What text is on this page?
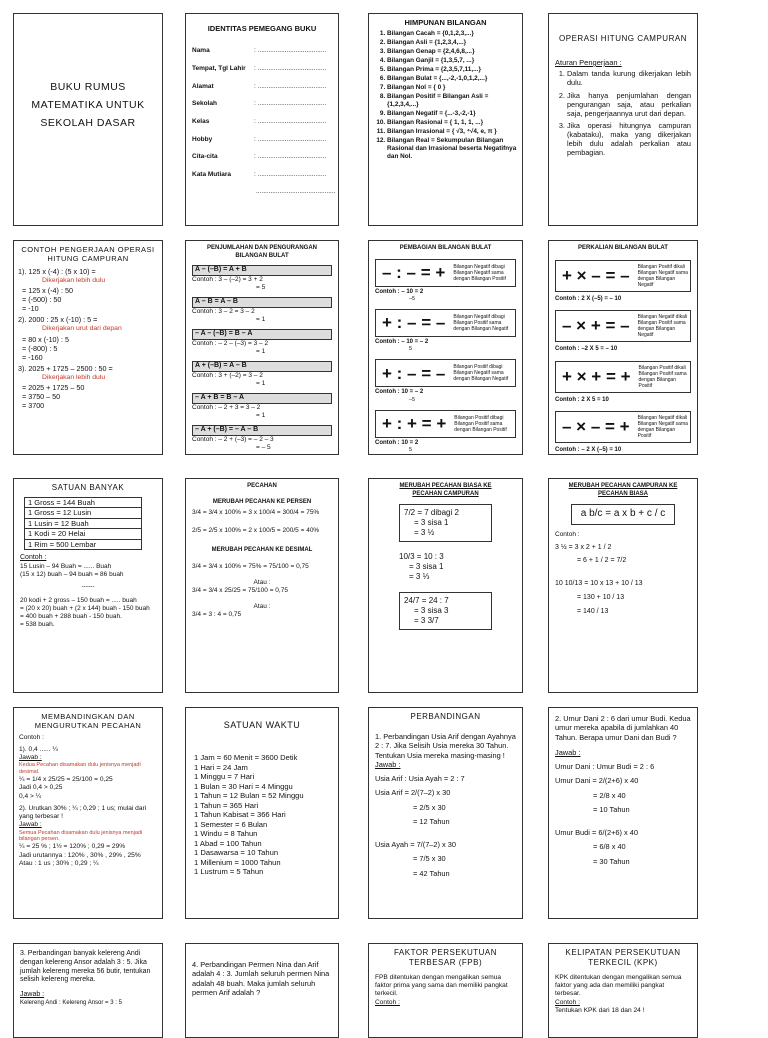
BUKU RUMUS
MATEMATIKA UNTUK
SEKOLAH DASAR
IDENTITAS PEMEGANG BUKU
Nama	: ......................................
Tempat, Tgl Lahir	: ......................................
Alamat	: ......................................
Sekolah	: ......................................
Kelas	: ......................................
Hobby	: ......................................
Cita-cita	: ......................................
Kata Mutiara	: ......................................
............................................
HIMPUNAN BILANGAN
1. Bilangan Cacah = {0,1,2,3,...}
2. Bilangan Asli = {1,2,3,4,...}
3. Bilangan Genap = {2,4,6,8,...}
4. Bilangan Ganjil = {1,3,5,7, ...}
5. Bilangan Prima = {2,3,5,7,11,...}
6. Bilangan Bulat = {...,-2,-1,0,1,2,...}
7. Bilangan Nol = { 0 }
8. Bilangan Positif = Bilangan Asli = {1,2,3,4,...}
9. Bilangan Negatif = {...-3,-2,-1}
10. Bilangan Rasional = { 1, 1, 1, ...}
11. Bilangan Irrasional = { √3, ⁴√4, e, π }
12. Bilangan Real = Sekumpulan Bilangan Rasional dan Irrasional beserta Negatifnya dan Nol.
OPERASI HITUNG CAMPURAN
Aturan Pengerjaan :
1. Dalam tanda kurung dikerjakan lebih dulu.
2. Jika hanya penjumlahan dengan pengurangan saja, atau perkalian saja, pengerjaannya urut dari depan.
3. Jika operasi hitungnya campuran (kabataku), maka yang dikerjakan lebih dulu adalah perkalian atau pembagian.
CONTOH PENGERJAAN OPERASI
HITUNG CAMPURAN
1). 125 x (-4) : (5 x 10) =
Dikerjakan lebih dulu
= 125 x (-4) : 50
= (-500) : 50
= -10
2). 2000 : 25 x (-10) : 5 =
Dikerjakan urut dari depan
= 80 x (-10) : 5
= (-800) : 5
= -160
3). 2025 + 1725 – 2500 : 50 =
Dikerjakan lebih dulu
= 2025 + 1725 – 50
= 3750 – 50
= 3700
PENJUMLAHAN DAN PENGURANGAN
BILANGAN BULAT
A – (–B) = A + B
Contoh : 3 – (–2) = 3 + 2
= 5
A – B = A – B
Contoh : 3 – 2 = 3 – 2
= 1
– A – (–B) = B – A
Contoh : – 2 – (–3) = 3 – 2
= 1
A + (–B) = A – B
Contoh : 3 + (–2) = 3 – 2
= 1
– A + B = B – A
Contoh : – 2 + 3 = 3 – 2
= 1
– A + (–B) = – A – B
Contoh : – 2 + (–3) = – 2 – 3
= – 5
PEMBAGIAN BILANGAN BULAT
– : – = +	Bilangan Negatif dibagi Bilangan Negatif sama dengan Bilangan Positif
Contoh : – 10 = 2
–5
+ : – = –	Bilangan Negatif dibagi Bilangan Positif sama dengan Bilangan Negatif
Contoh : – 10 = – 2
5
+ : – = –	Bilangan Positif dibagi Bilangan Negatif sama dengan Bilangan Negatif
Contoh : 10 = – 2
–5
+ : + = +	Bilangan Positif dibagi Bilangan Positif sama dengan Bilangan Positif
Contoh : 10 = 2
5
PERKALIAN BILANGAN BULAT
+ × – = –	Bilangan Positif dikali Bilangan Negatif sama dengan Bilangan Negatif
Contoh : 2 X (–5) = – 10
– × + = –	Bilangan Negatif dikali Bilangan Positif sama dengan Bilangan Negatif
Contoh : –2 X 5 = – 10
+ × + = +	Bilangan Positif dikali Bilangan Positif sama dengan Bilangan Positif
Contoh : 2 X 5 = 10
– × – = +	Bilangan Negatif dikali Bilangan Negatif sama dengan Bilangan Positif
Contoh : – 2 X (–5) = 10
SATUAN BANYAK
1 Gross = 144 Buah
1 Gross = 12 Lusin
1 Lusin = 12 Buah
1 Kodi = 20 Helai
1 Rim = 500 Lembar
Contoh :
15 Lusin – 94 Buah = ...... Buah
(15 x 12) buah – 94 buah = 86 buah
------
20 kodi + 2 gross – 150 buah = ..... buah
= (20 x 20) buah + (2 x 144) buah - 150 buah
= 400 buah + 288 buah - 150 buah.
= 538 buah.
PECAHAN
MERUBAH PECAHAN KE PERSEN
3/4 = 3/4 x 100% = 3 x 100/4 = 300/4 = 75%
2/5 = 2/5 x 100% = 2 x 100/5 = 200/5 = 40%
MERUBAH PECAHAN KE DESIMAL
3/4 = 3/4 x 100% = 75% = 75/100 = 0,75
Atau :
3/4 = 3/4 x 25/25 = 75/100 = 0,75
Atau :
3/4 = 3 : 4 = 0,75
MERUBAH PECAHAN BIASA KE
PECAHAN CAMPURAN
7/2 = 7 dibagi 2
= 3 sisa 1
= 3 ½
10/3 = 10 : 3
= 3 sisa 1
= 3 ⅓
24/7 = 24 : 7
= 3 sisa 3
= 3 3/7
MERUBAH PECAHAN CAMPURAN KE
PECAHAN BIASA
a b/c = a x b + c / c
Contoh :
3 ½ = 3 x 2 + 1 / 2
= 6 + 1 / 2 = 7/2
10 10/13 = 10 x 13 + 10 / 13
= 130 + 10 / 13
= 140 / 13
MEMBANDINGKAN DAN
MENGURUTKAN PECAHAN
Contoh :
1). 0,4 ...... ¼
Jawab :
Kedua Pecahan disamakan dulu jenisnya menjadi desimal.
¼ = 1/4 x 25/25 = 25/100 = 0,25
Jadi 0,4 > 0,25
0,4 > ¼
2). Urutkan 30% ; ¼ ; 0,29 ; 1 us; mulai dari yang terbesar !
Jawab :
Semua Pecahan disamakan dulu jenisnya menjadi bilangan persen.
¼ = 25 % ; 1½ = 120% ; 0,29 = 29%
Jadi urutannya : 120% , 30% , 29% , 25%
Atau : 1 us ; 30% ; 0,29 ; ¼
SATUAN WAKTU
1 Jam = 60 Menit = 3600 Detik
1 Hari = 24 Jam
1 Minggu = 7 Hari
1 Bulan = 30 Hari = 4 Minggu
1 Tahun = 12 Bulan = 52 Minggu
1 Tahun = 365 Hari
1 Tahun Kabisat = 366 Hari
1 Semester = 6 Bulan
1 Windu = 8 Tahun
1 Abad = 100 Tahun
1 Dasawarsa = 10 Tahun
1 Millenium = 1000 Tahun
1 Lustrum = 5 Tahun
PERBANDINGAN
1. Perbandingan Usia Arif dengan Ayahnya 2 : 7. Jika Selisih Usia mereka 30 Tahun. Tentukan Usia mereka masing-masing !
Jawab :
Usia Arif : Usia Ayah = 2 : 7
Usia Arif = 2/(7–2) x 30
= 2/5 x 30
= 12 Tahun
Usia Ayah = 7/(7–2) x 30
= 7/5 x 30
= 42 Tahun
2. Umur Dani 2 : 6 dari umur Budi. Kedua umur mereka apabila di jumlahkan 40 Tahun. Berapa umur Dani dan Budi ?
Jawab :
Umur Dani : Umur Budi = 2 : 6
Umur Dani = 2/(2+6) x 40
= 2/8 x 40
= 10 Tahun
Umur Budi = 6/(2+6) x 40
= 6/8 x 40
= 30 Tahun
3. Perbandingan banyak kelereng Andi dengan kelereng Ansor adalah 3 : 5. Jika jumlah kelereng mereka 56 butir, tentukan selisih kelereng mereka.
Jawab :
Kelereng Andi : Kelereng Ansor = 3 : 5
4. Perbandingan Permen Nina dan Arif adalah 4 : 3. Jumlah seluruh permen Nina adalah 48 buah. Maka jumlah seluruh permen Arif adalah ?
FAKTOR PERSEKUTUAN
TERBESAR (FPB)
FPB ditentukan dengan mengalikan semua faktor prima yang sama dan memiliki pangkat terkecil.
Contoh :
KELIPATAN PERSEKUTUAN
TERKECIL (KPK)
KPK ditentukan dengan mengalikan semua faktor yang ada dan memiliki pangkat terbesar.
Contoh :
Tentukan KPK dari 18 dan 24 !
